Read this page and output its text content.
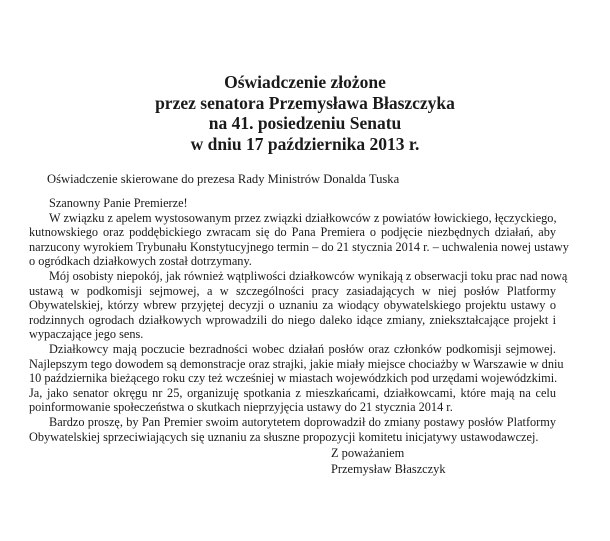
Oświadczenie złożone
przez senatora Przemysława Błaszczyka
na 41. posiedzeniu Senatu
w dniu 17 października 2013 r.
Oświadczenie skierowane do prezesa Rady Ministrów Donalda Tuska
Szanowny Panie Premierze!
W związku z apelem wystosowanym przez związki działkowców z powiatów łowickiego, łęczyckiego,
kutnowskiego oraz poddębickiego zwracam się do Pana Premiera o podjęcie niezbędnych działań, aby
narzucony wyrokiem Trybunału Konstytucyjnego termin – do 21 stycznia 2014 r. – uchwalenia nowej ustawy
o ogródkach działkowych został dotrzymany.
Mój osobisty niepokój, jak również wątpliwości działkowców wynikają z obserwacji toku prac nad nową
ustawą w podkomisji sejmowej, a w szczególności pracy zasiadających w niej posłów Platformy
Obywatelskiej, którzy wbrew przyjętej decyzji o uznaniu za wiodący obywatelskiego projektu ustawy o
rodzinnych ogrodach działkowych wprowadzili do niego daleko idące zmiany, zniekształcające projekt i
wypaczające jego sens.
Działkowcy mają poczucie bezradności wobec działań posłów oraz członków podkomisji sejmowej.
Najlepszym tego dowodem są demonstracje oraz strajki, jakie miały miejsce chociażby w Warszawie w dniu
10 października bieżącego roku czy też wcześniej w miastach wojewódzkich pod urzędami wojewódzkimi.
Ja, jako senator okręgu nr 25, organizuję spotkania z mieszkańcami, działkowcami, które mają na celu
poinformowanie społeczeństwa o skutkach nieprzyjęcia ustawy do 21 stycznia 2014 r.
Bardzo proszę, by Pan Premier swoim autorytetem doprowadził do zmiany postawy posłów Platformy
Obywatelskiej sprzeciwiających się uznaniu za słuszne propozycji komitetu inicjatywy ustawodawczej.
Z poważaniem
Przemysław Błaszczyk
